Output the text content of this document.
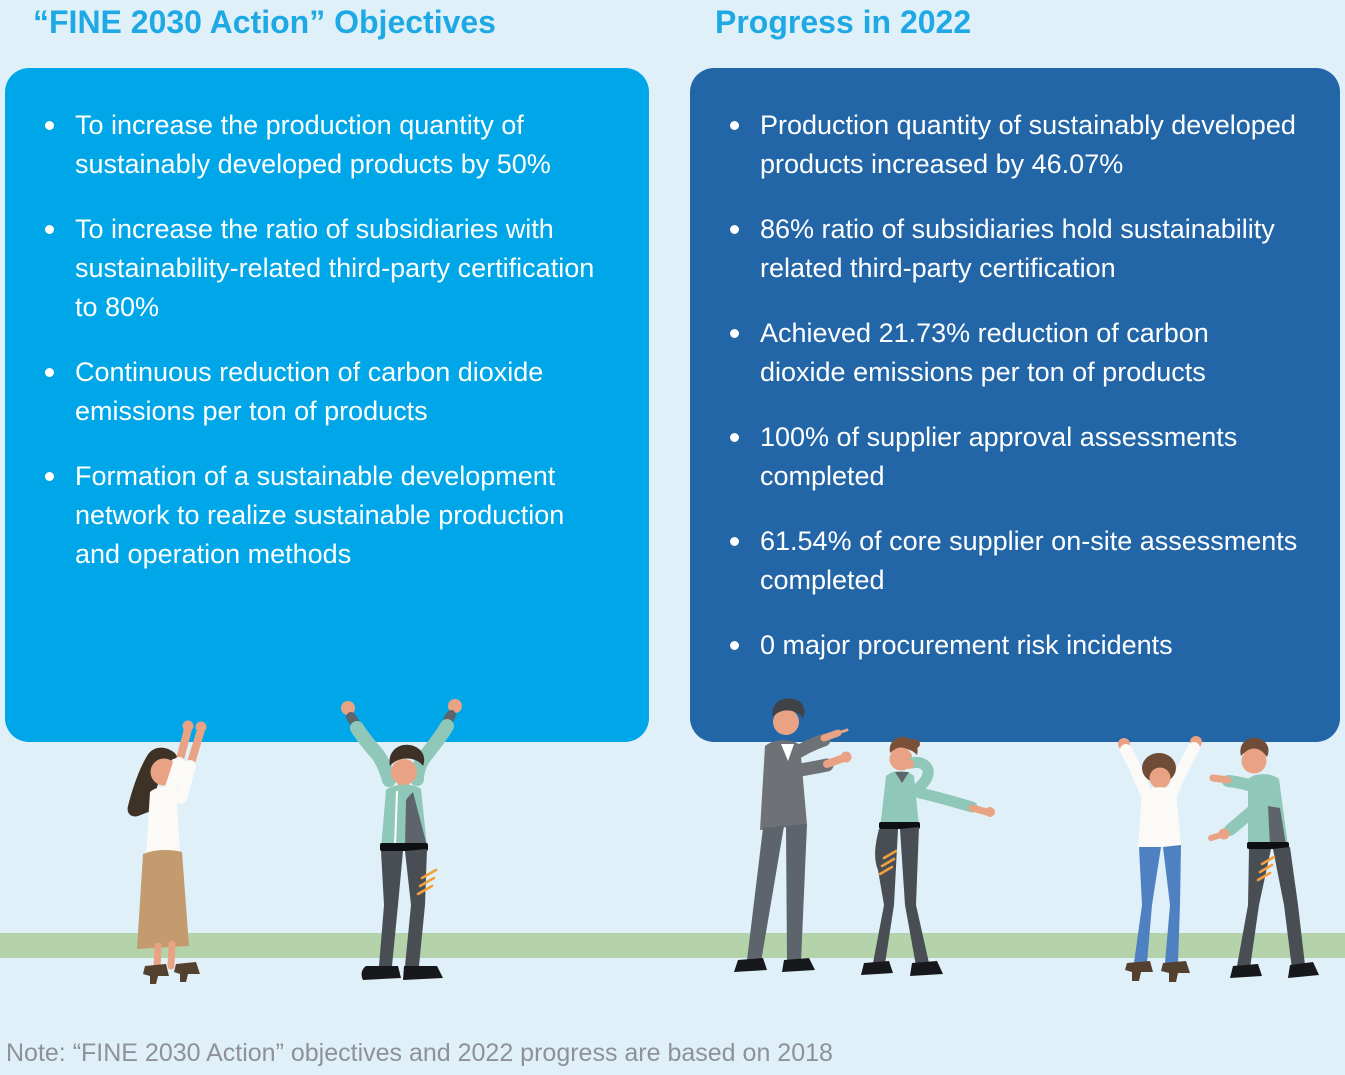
“FINE 2030 Action” Objectives	Progress in 2022
To increase the production quantity of sustainably developed products by 50%
To increase the ratio of subsidiaries with sustainability-related third-party certification to 80%
Continuous reduction of carbon dioxide emissions per ton of products
Formation of a sustainable development network to realize sustainable production and operation methods
Production quantity of sustainably developed products increased by 46.07%
86% ratio of subsidiaries hold sustainability related third-party certification
Achieved 21.73% reduction of carbon dioxide emissions per ton of products
100% of supplier approval assessments completed
61.54% of core supplier on-site assessments completed
0 major procurement risk incidents
Note: “FINE 2030 Action” objectives and 2022 progress are based on 2018
